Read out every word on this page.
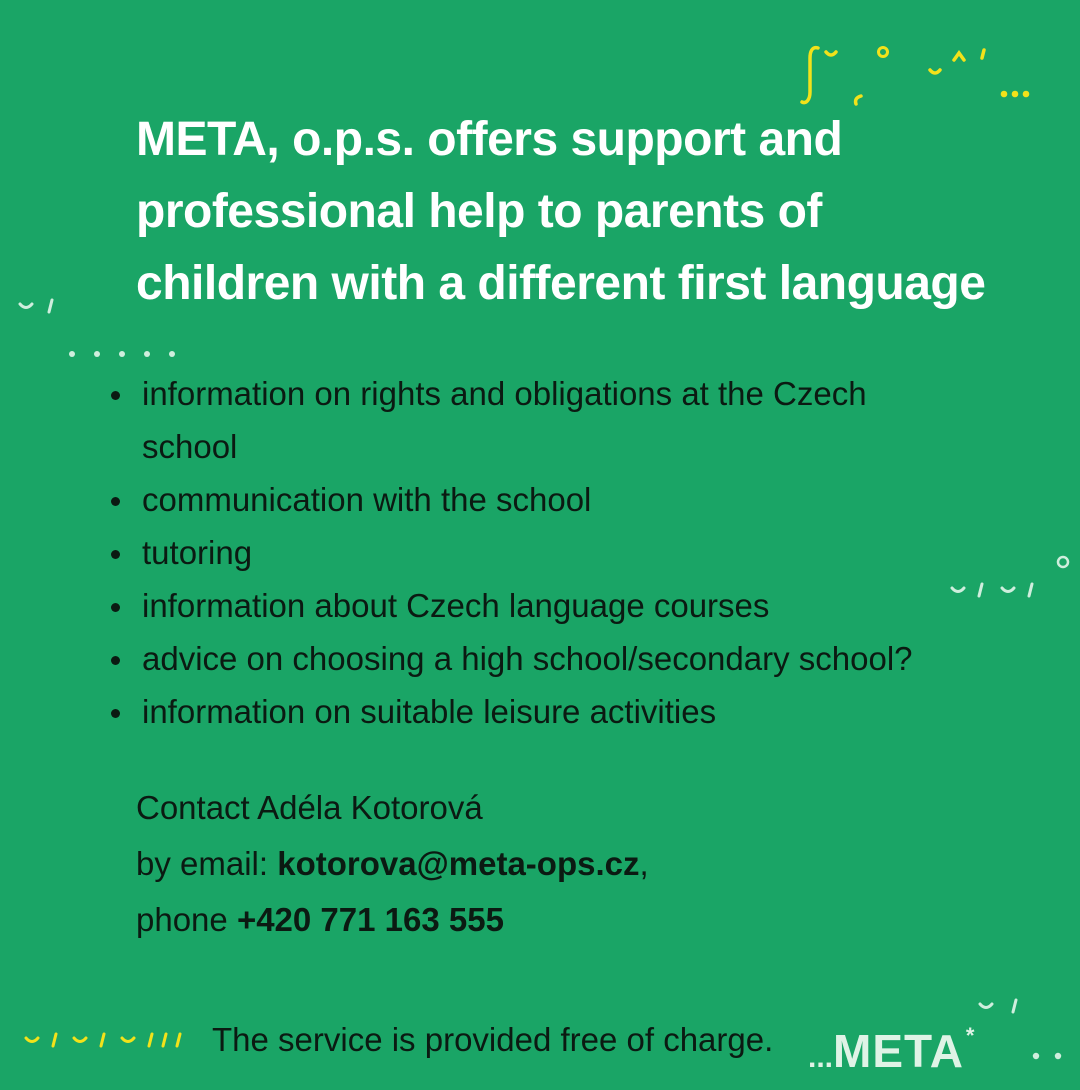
META, o.p.s. offers support and
professional help to parents of
children with a different first language
information on rights and obligations at the Czech school
communication with the school
tutoring
information about Czech language courses
advice on choosing a high school/secondary school?
information on suitable leisure activities
Contact Adéla Kotorová
by email: kotorova@meta-ops.cz,
phone +420 771 163 555
The service is provided free of charge. ...META*
